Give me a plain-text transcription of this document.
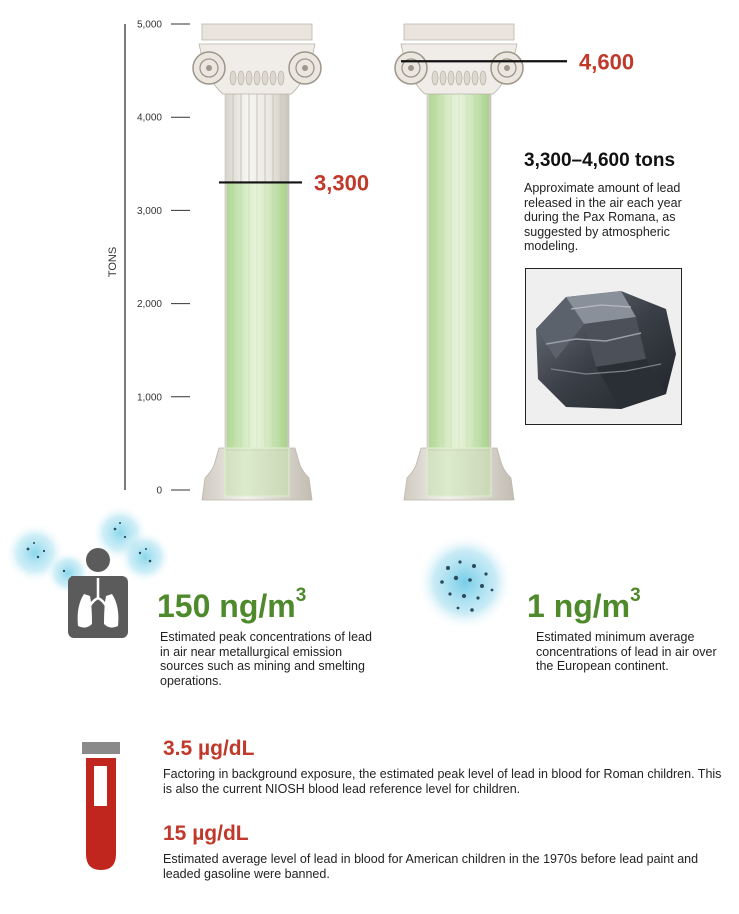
0
1,000
2,000
3,000
4,000
5,000
TONS
3,300
4,600
3,300–4,600 tons
Approximate amount of lead released in the air each year during the Pax Romana, as suggested by atmospheric modeling.
150 $ng/m^3$
Estimated peak concentrations of lead in air near metallurgical emission sources such as mining and smelting operations.
1 $ng/m^3$
Estimated minimum average concentrations of lead in air over the European continent.
3.5 µg/dL
Factoring in background exposure, the estimated peak level of lead in blood for Roman children. This is also the current NIOSH blood lead reference level for children.
15 µg/dL
Estimated average level of lead in blood for American children in the 1970s before lead paint and leaded gasoline were banned.
